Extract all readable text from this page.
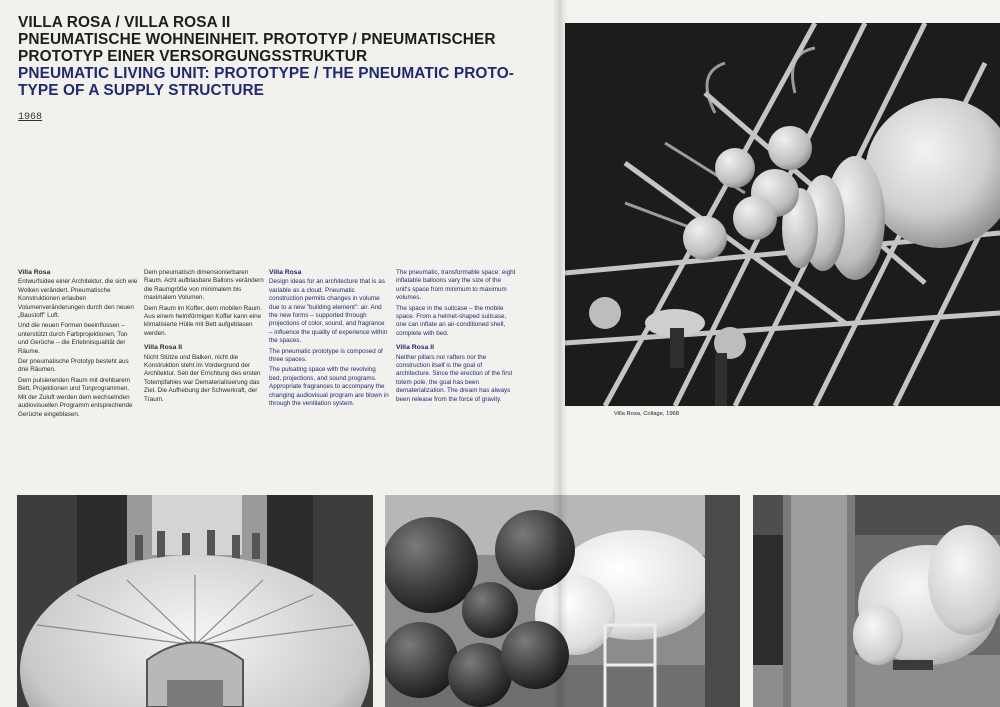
VILLA ROSA / VILLA ROSA II

PNEUMATISCHE WOHNEINHEIT. PROTOTYP / PNEUMATISCHER

PROTOTYP EINER VERSORGUNGSSTRUKTUR

PNEUMATIC LIVING UNIT: PROTOTYPE / THE PNEUMATIC PROTO-

TYPE OF A SUPPLY STRUCTURE

1968

Villa Rosa

Entwurfsidee einer Architektur, die sich wie Wolken verändert. Pneumatische Konstruktionen erlauben Volumenveränderungen durch den neuen „Baustoff" Luft.

Und die neuen Formen beeinflussen – unterstützt durch Farbprojektionen, Ton und Gerüche – die Erlebnisqualität der Räume.

Der pneumatische Prototyp besteht aus drei Räumen.

Dem pulsierenden Raum mit drehbarem Bett, Projektionen und Tonprogrammen. Mit der Zuluft werden dem wechselnden audiovisuellen Programm entsprechende Gerüche eingeblasen.

Dem pneumatisch dimensionierbaren Raum. Acht aufblasbare Ballons verändern die Raumgröße von minimalem bis maximalem Volumen.

Dem Raum im Koffer, dem mobilen Raum. Aus einem helmförmigen Koffer kann eine klimatisierte Hülle mit Bett aufgeblasen werden.

Villa Rosa II

Nicht Stütze und Balken, nicht die Konstruktion steht im Vordergrund der Architektur. Seit der Errichtung des ersten Totempfahles war Dematerialisierung das Ziel. Die Aufhebung der Schwerkraft, der Traum.

Villa Rosa

Design ideas for an architecture that is as variable as a cloud. Pneumatic construction permits changes in volume due to a new "building element": air. And the new forms – supported through projections of color, sound, and fragrance – influence the quality of experience within the spaces.

The pneumatic prototype is composed of three spaces.

The pulsating space with the revolving bed, projections, and sound programs. Appropriate fragrances to accompany the changing audiovisual program are blown in through the ventilation system.

The pneumatic, transformable space: eight inflatable balloons vary the size of the unit's space from minimum to maximum volumes.

The space in the suitcase – the mobile space. From a helmet-shaped suitcase, one can inflate an air-conditioned shell, complete with bed.

Villa Rosa II

Neither pillars nor rafters nor the construction itself is the goal of architecture. Since the erection of the first totem pole, the goal has been dematerialization. The dream has always been release from the force of gravity.

Villa Rosa, Collage, 1968
